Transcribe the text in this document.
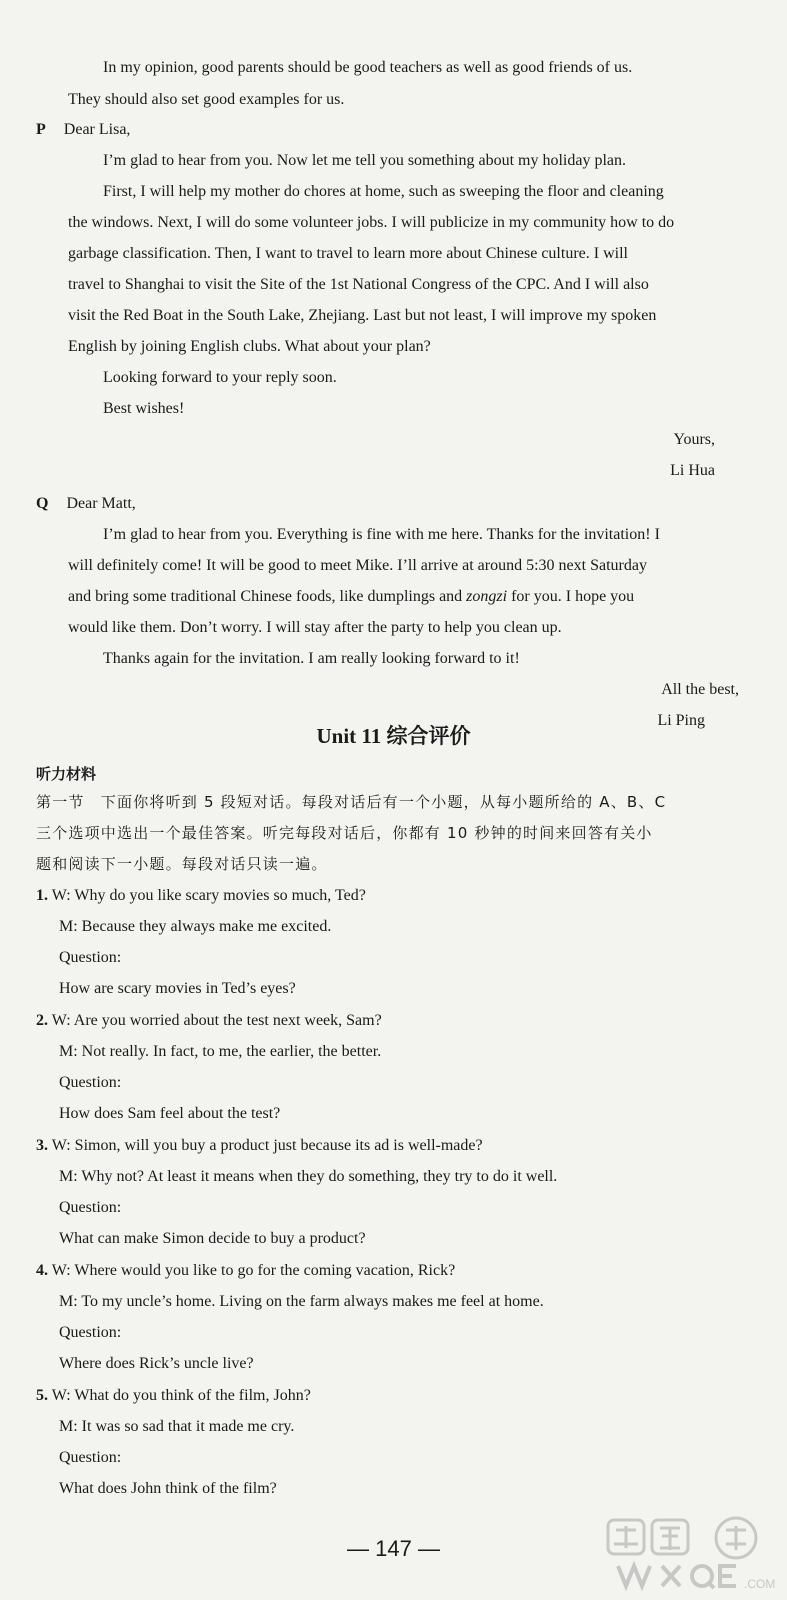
In my opinion, good parents should be good teachers as well as good friends of us.
They should also set good examples for us.
P Dear Lisa,
I’m glad to hear from you. Now let me tell you something about my holiday plan.
First, I will help my mother do chores at home, such as sweeping the floor and cleaning
the windows. Next, I will do some volunteer jobs. I will publicize in my community how to do
garbage classification. Then, I want to travel to learn more about Chinese culture. I will
travel to Shanghai to visit the Site of the 1st National Congress of the CPC. And I will also
visit the Red Boat in the South Lake, Zhejiang. Last but not least, I will improve my spoken
English by joining English clubs. What about your plan?
Looking forward to your reply soon.
Best wishes!
Yours,
Li Hua
Q Dear Matt,
I’m glad to hear from you. Everything is fine with me here. Thanks for the invitation! I
will definitely come! It will be good to meet Mike. I’ll arrive at around 5:30 next Saturday
and bring some traditional Chinese foods, like dumplings and zongzi for you. I hope you
would like them. Don’t worry. I will stay after the party to help you clean up.
Thanks again for the invitation. I am really looking forward to it!
All the best,
Li Ping
Unit 11 综合评价
听力材料
第一节　下面你将听到 5 段短对话。每段对话后有一个小题，从每小题所给的 A、B、C
三个选项中选出一个最佳答案。听完每段对话后，你都有 10 秒钟的时间来回答有关小
题和阅读下一小题。每段对话只读一遍。
1. W: Why do you like scary movies so much, Ted?
M: Because they always make me excited.
Question:
How are scary movies in Ted’s eyes?
2. W: Are you worried about the test next week, Sam?
M: Not really. In fact, to me, the earlier, the better.
Question:
How does Sam feel about the test?
3. W: Simon, will you buy a product just because its ad is well-made?
M: Why not? At least it means when they do something, they try to do it well.
Question:
What can make Simon decide to buy a product?
4. W: Where would you like to go for the coming vacation, Rick?
M: To my uncle’s home. Living on the farm always makes me feel at home.
Question:
Where does Rick’s uncle live?
5. W: What do you think of the film, John?
M: It was so sad that it made me cry.
Question:
What does John think of the film?
— 147 —
.COM
